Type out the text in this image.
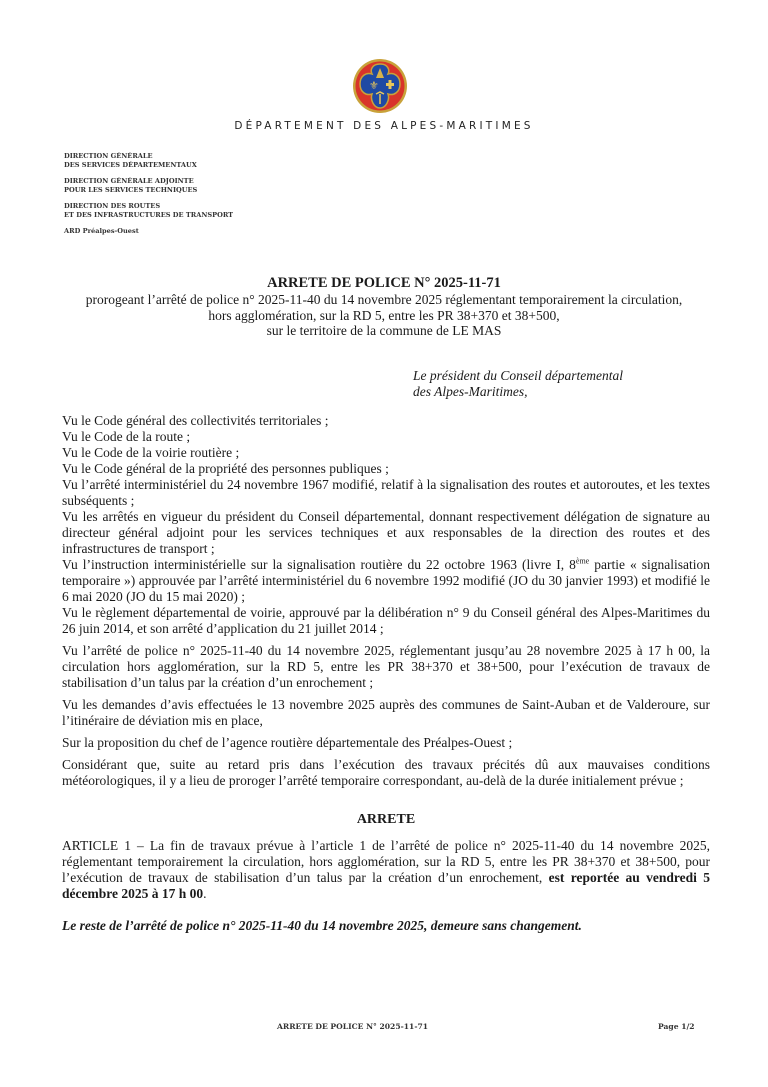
⚜
DÉPARTEMENT DES ALPES-MARITIMES
DIRECTION GÉNÉRALE
DES SERVICES DÉPARTEMENTAUX
DIRECTION GÉNÉRALE ADJOINTE
POUR LES SERVICES TECHNIQUES
DIRECTION DES ROUTES
ET DES INFRASTRUCTURES DE TRANSPORT
ARD Préalpes-Ouest
ARRETE DE POLICE N° 2025-11-71
prorogeant l’arrêté de police n° 2025-11-40 du 14 novembre 2025 réglementant temporairement la circulation,
hors agglomération, sur la RD 5, entre les PR 38+370 et 38+500,
sur le territoire de la commune de LE MAS
Le président du Conseil départemental
des Alpes-Maritimes,

Vu le Code général des collectivités territoriales ;

Vu le Code de la route ;

Vu le Code de la voirie routière ;

Vu le Code général de la propriété des personnes publiques ;

Vu l’arrêté interministériel du 24 novembre 1967 modifié, relatif à la signalisation des routes et autoroutes, et les textes subséquents ;

Vu les arrêtés en vigueur du président du Conseil départemental, donnant respectivement délégation de signature au directeur général adjoint pour les services techniques et aux responsables de la direction des routes et des infrastructures de transport ;

Vu l’instruction interministérielle sur la signalisation routière du 22 octobre 1963 (livre I, 8ème partie « signalisation temporaire ») approuvée par l’arrêté interministériel du 6 novembre 1992 modifié (JO du 30 janvier 1993) et modifié le 6 mai 2020 (JO du 15 mai 2020) ;

Vu le règlement départemental de voirie, approuvé par la délibération n° 9 du Conseil général des Alpes-Maritimes du 26 juin 2014, et son arrêté d’application du 21 juillet 2014 ;

Vu l’arrêté de police n° 2025-11-40 du 14 novembre 2025, réglementant jusqu’au 28 novembre 2025 à 17 h 00, la circulation hors agglomération, sur la RD 5, entre les PR 38+370 et 38+500, pour l’exécution de travaux de stabilisation d’un talus par la création d’un enrochement ;

Vu les demandes d’avis effectuées le 13 novembre 2025 auprès des communes de Saint-Auban et de Valderoure, sur l’itinéraire de déviation mis en place,

Sur la proposition du chef de l’agence routière départementale des Préalpes-Ouest ;

Considérant que, suite au retard pris dans l’exécution des travaux précités dû aux mauvaises conditions météorologiques, il y a lieu de proroger l’arrêté temporaire correspondant, au-delà de la durée initialement prévue ;

ARRETE

ARTICLE 1 – La fin de travaux prévue à l’article 1 de l’arrêté de police n° 2025-11-40 du 14 novembre 2025, réglementant temporairement la circulation, hors agglomération, sur la RD 5, entre les PR 38+370 et 38+500, pour l’exécution de travaux de stabilisation d’un talus par la création d’un enrochement, est reportée au vendredi 5 décembre 2025 à 17 h 00.

Le reste de l’arrêté de police n° 2025-11-40 du 14 novembre 2025, demeure sans changement.

ARRETE DE POLICE N° 2025-11-71	Page 1/2
